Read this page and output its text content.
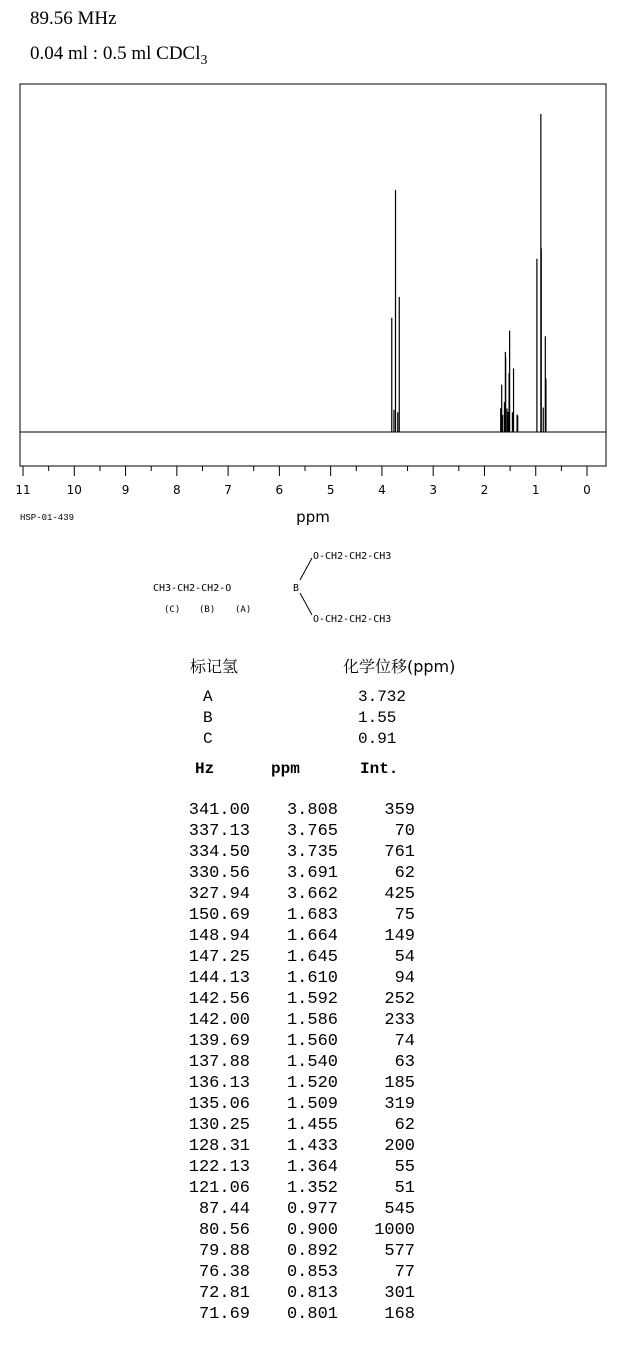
89.56 MHz
0.04 ml : 0.5 ml CDCl$_3$
11	10	9	8	7	6	5	4	3	2	1	0
ppm
HSP-01-439
CH3-CH2-CH2-O	B
O-CH2-CH2-CH3
O-CH2-CH2-CH3
(C) (B) (A)
标记氢	化学位移(ppm)
A	3.732
B	1.55
C	0.91
Hz	ppm	Int.
341.00 3.808	359
337.13 3.765	70
334.50 3.735	761
330.56 3.691	62
327.94 3.662	425
150.69 1.683	75
148.94 1.664	149
147.25 1.645	54
144.13 1.610	94
142.56 1.592	252
142.00 1.586	233
139.69 1.560	74
137.88 1.540	63
136.13 1.520	185
135.06 1.509	319
130.25 1.455	62
128.31 1.433	200
122.13 1.364	55
121.06 1.352	51
87.44 0.977	545
80.56 0.900 1000
79.88 0.892	577
76.38 0.853	77
72.81 0.813	301
71.69 0.801	168
